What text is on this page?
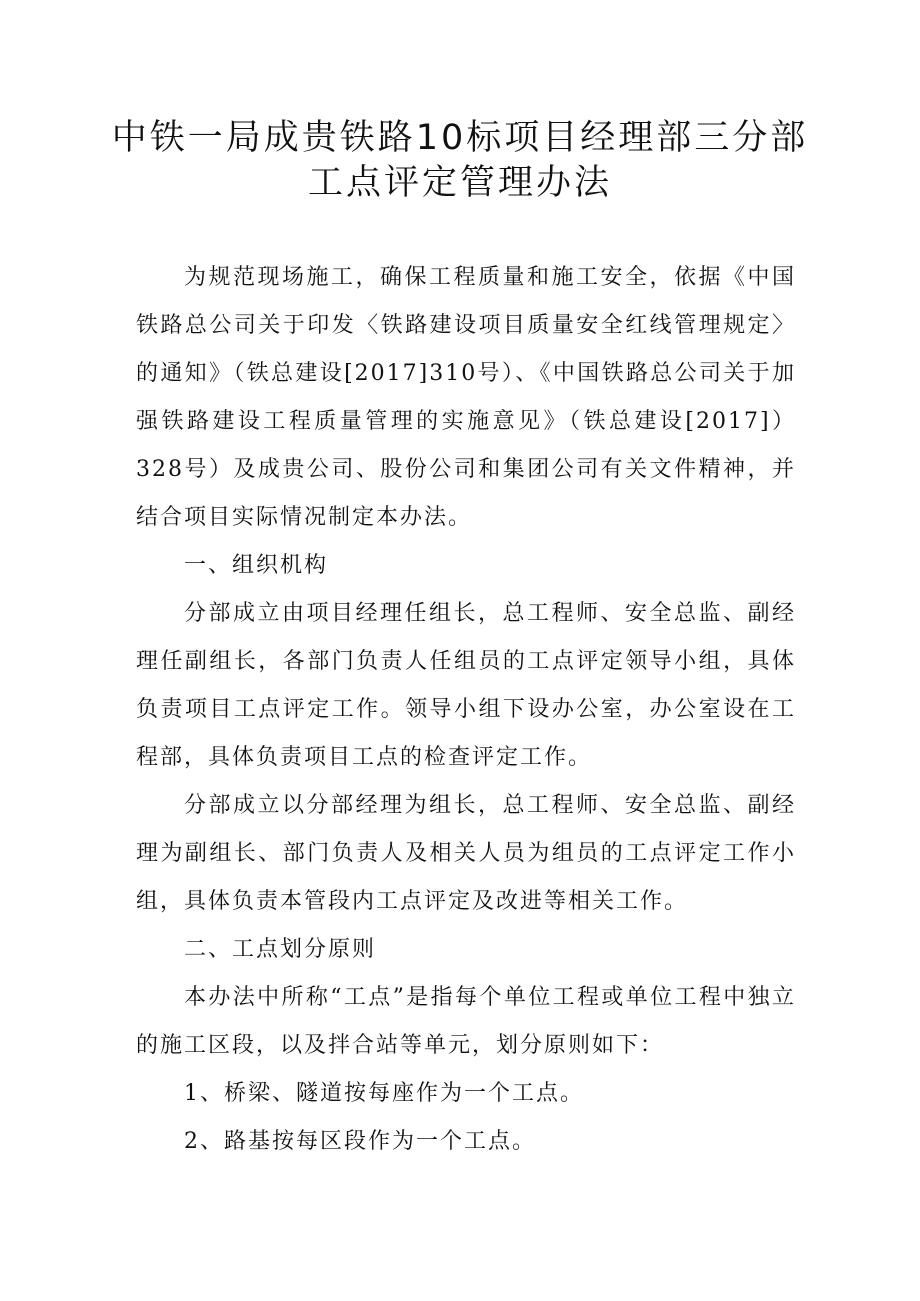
中铁一局成贵铁路10标项目经理部三分部
工点评定管理办法

为规范现场施工，确保工程质量和施工安全，依据《中国铁路总公司关于印发〈铁路建设项目质量安全红线管理规定〉的通知》（铁总建设[2017]310号）、《中国铁路总公司关于加强铁路建设工程质量管理的实施意见》（铁总建设[2017]）328号）及成贵公司、股份公司和集团公司有关文件精神，并结合项目实际情况制定本办法。

一、组织机构

分部成立由项目经理任组长，总工程师、安全总监、副经理任副组长，各部门负责人任组员的工点评定领导小组，具体负责项目工点评定工作。领导小组下设办公室，办公室设在工程部，具体负责项目工点的检查评定工作。

分部成立以分部经理为组长，总工程师、安全总监、副经理为副组长、部门负责人及相关人员为组员的工点评定工作小组，具体负责本管段内工点评定及改进等相关工作。

二、工点划分原则

本办法中所称“工点”是指每个单位工程或单位工程中独立的施工区段，以及拌合站等单元，划分原则如下：

1、桥梁、隧道按每座作为一个工点。

2、路基按每区段作为一个工点。
